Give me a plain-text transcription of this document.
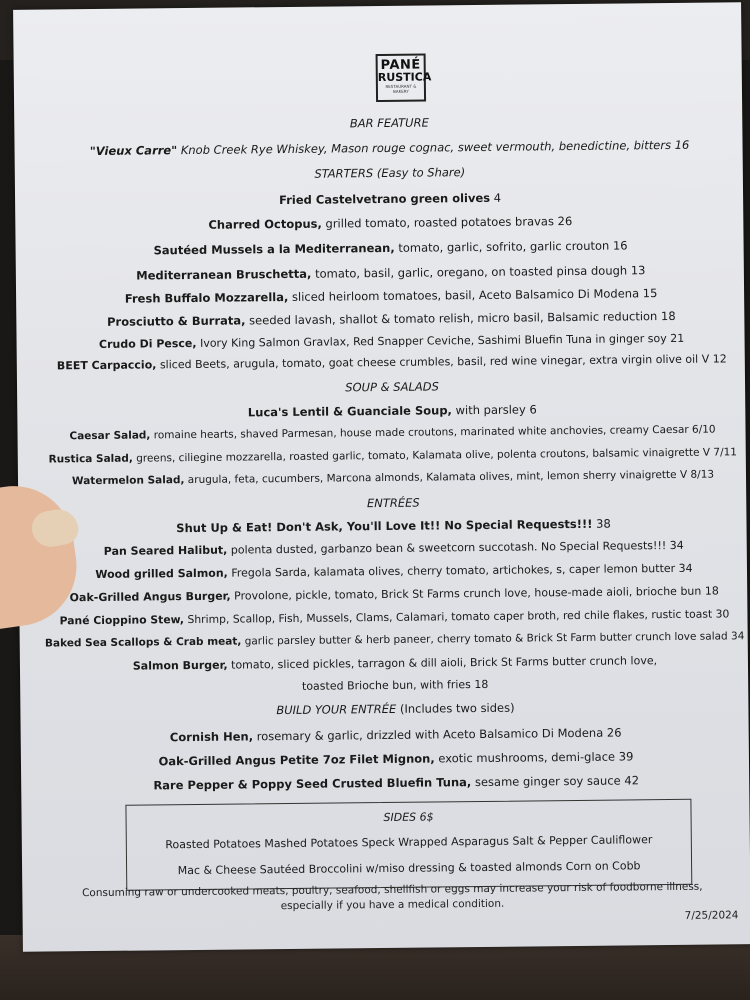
PANÉ
RUSTICA
RESTAURANT & BAKERY
BAR FEATURE
"Vieux Carre" Knob Creek Rye Whiskey, Mason rouge cognac, sweet vermouth, benedictine, bitters 16
STARTERS (Easy to Share)
Fried Castelvetrano green olives 4
Charred Octopus, grilled tomato, roasted potatoes bravas 26
Sautéed Mussels a la Mediterranean, tomato, garlic, sofrito, garlic crouton 16
Mediterranean Bruschetta, tomato, basil, garlic, oregano, on toasted pinsa dough 13
Fresh Buffalo Mozzarella, sliced heirloom tomatoes, basil, Aceto Balsamico Di Modena 15
Prosciutto & Burrata, seeded lavash, shallot & tomato relish, micro basil, Balsamic reduction 18
Crudo Di Pesce, Ivory King Salmon Gravlax, Red Snapper Ceviche, Sashimi Bluefin Tuna in ginger soy 21
BEET Carpaccio, sliced Beets, arugula, tomato, goat cheese crumbles, basil, red wine vinegar, extra virgin olive oil V 12
SOUP & SALADS
Luca's Lentil & Guanciale Soup, with parsley 6
Caesar Salad, romaine hearts, shaved Parmesan, house made croutons, marinated white anchovies, creamy Caesar 6/10
Rustica Salad, greens, ciliegine mozzarella, roasted garlic, tomato, Kalamata olive, polenta croutons, balsamic vinaigrette V 7/11
Watermelon Salad, arugula, feta, cucumbers, Marcona almonds, Kalamata olives, mint, lemon sherry vinaigrette V 8/13
ENTRÉES
Shut Up & Eat! Don't Ask, You'll Love It!! No Special Requests!!! 38
Pan Seared Halibut, polenta dusted, garbanzo bean & sweetcorn succotash. No Special Requests!!! 34
Wood grilled Salmon, Fregola Sarda, kalamata olives, cherry tomato, artichokes, s, caper lemon butter 34
Oak-Grilled Angus Burger, Provolone, pickle, tomato, Brick St Farms crunch love, house-made aioli, brioche bun 18
Pané Cioppino Stew, Shrimp, Scallop, Fish, Mussels, Clams, Calamari, tomato caper broth, red chile flakes, rustic toast 30
Baked Sea Scallops & Crab meat, garlic parsley butter & herb paneer, cherry tomato & Brick St Farm butter crunch love salad 34
Salmon Burger, tomato, sliced pickles, tarragon & dill aioli, Brick St Farms butter crunch love,
toasted Brioche bun, with fries 18
BUILD YOUR ENTRÉE (Includes two sides)
Cornish Hen, rosemary & garlic, drizzled with Aceto Balsamico Di Modena 26
Oak-Grilled Angus Petite 7oz Filet Mignon, exotic mushrooms, demi-glace 39
Rare Pepper & Poppy Seed Crusted Bluefin Tuna, sesame ginger soy sauce 42
SIDES 6$
Roasted Potatoes Mashed Potatoes Speck Wrapped Asparagus Salt & Pepper Cauliflower
Mac & Cheese Sautéed Broccolini w/miso dressing & toasted almonds Corn on Cobb
Consuming raw or undercooked meats, poultry, seafood, shellfish or eggs may increase your risk of foodborne illness,
especially if you have a medical condition.
7/25/2024
